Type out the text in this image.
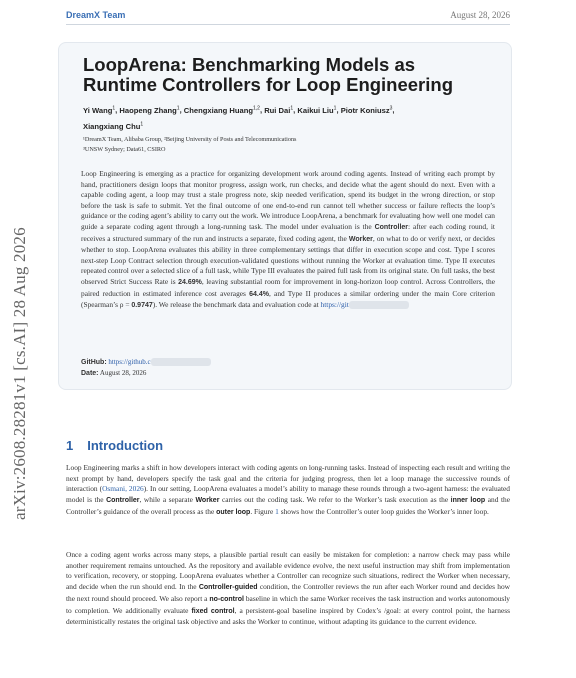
DreamX Team	August 28, 2026
arXiv:2608.28281v1 [cs.AI] 28 Aug 2026
LoopArena: Benchmarking Models as Runtime Controllers for Loop Engineering
Yi Wang$^1$, Haopeng Zhang$^1$, Chengxiang Huang$^{1,2}$, Rui Dai$^1$, Kaikui Liu$^1$, Piotr Koniusz$^3$,
Xiangxiang Chu$^1$
¹DreamX Team, Alibaba Group, ²Beijing University of Posts and Telecommunications
³UNSW Sydney; Data61, CSIRO

Loop Engineering is emerging as a practice for organizing development work around coding agents. Instead of writing each prompt by hand, practitioners design loops that monitor progress, assign work, run checks, and decide what the agent should do next. Even with a capable coding agent, a loop may trust a stale progress note, skip needed verification, spend its budget in the wrong direction, or stop before the task is safe to submit. Yet the final outcome of one end-to-end run cannot tell whether success or failure reflects the loop’s guidance or the coding agent’s ability to carry out the work. We introduce LoopArena, a benchmark for evaluating how well one model can guide a separate coding agent through a long-running task. The model under evaluation is the Controller: after each coding round, it receives a structured summary of the run and instructs a separate, fixed coding agent, the Worker, on what to do or verify next, or decides whether to stop. LoopArena evaluates this ability in three complementary settings that differ in execution scope and cost. Type I scores next-step Loop Contract selection through execution-validated questions without running the Worker at evaluation time. Type II executes repeated control over a selected slice of a full task, while Type III evaluates the paired full task from its original state. On full tasks, the best observed Strict Success Rate is 24.69%, leaving substantial room for improvement in long-horizon loop control. Across Controllers, the paired reduction in estimated inference cost averages 64.4%, and Type II produces a similar ordering under the main Core criterion (Spearman’s ρ = 0.9747). We release the benchmark data and evaluation code at https://git

GitHub: https://github.c
Date: August 28, 2026
1 Introduction

Loop Engineering marks a shift in how developers interact with coding agents on long-running tasks. Instead of inspecting each result and writing the next prompt by hand, developers specify the task goal and the criteria for judging progress, then let a loop manage the successive rounds of interaction (Osmani, 2026). In our setting, LoopArena evaluates a model’s ability to manage these rounds through a two-agent harness: the evaluated model is the Controller, while a separate Worker carries out the coding task. We refer to the Worker’s task execution as the inner loop and the Controller’s guidance of the overall process as the outer loop. Figure 1 shows how the Controller’s outer loop guides the Worker’s inner loop.

Once a coding agent works across many steps, a plausible partial result can easily be mistaken for completion: a narrow check may pass while another requirement remains untouched. As the repository and available evidence evolve, the next useful instruction may shift from implementation to verification, recovery, or stopping. LoopArena evaluates whether a Controller can recognize such situations, redirect the Worker when necessary, and decide when the run should end. In the Controller-guided condition, the Controller reviews the run after each Worker round and decides how the next round should proceed. We also report a no-control baseline in which the same Worker receives the task instruction and works autonomously to completion. We additionally evaluate fixed control, a persistent-goal baseline inspired by Codex’s /goal: at every control point, the harness deterministically restates the original task objective and asks the Worker to continue, without adapting its guidance to the current evidence.
